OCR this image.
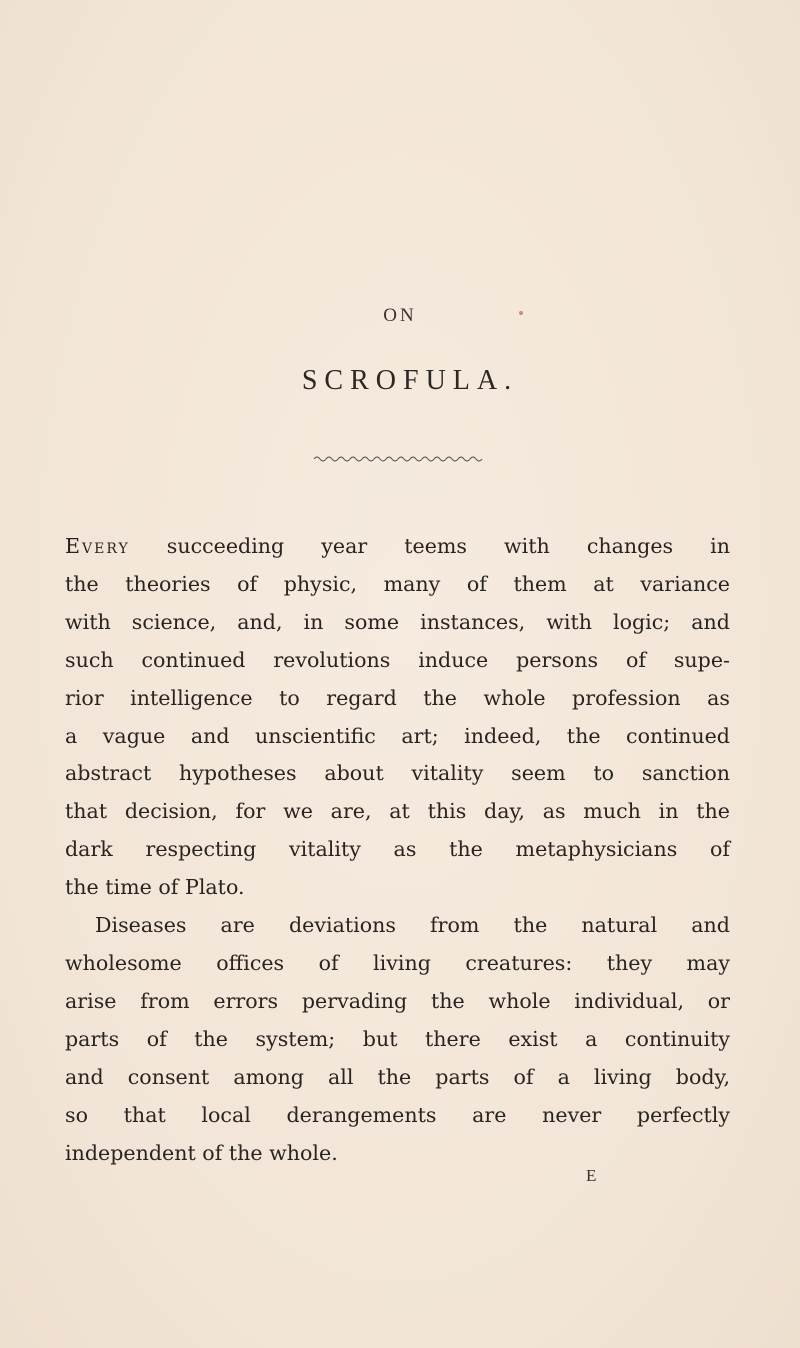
ON
SCROFULA.
Every succeeding year teems with changes in
the theories of physic, many of them at variance
with science, and, in some instances, with logic; and
such continued revolutions induce persons of supe-
rior intelligence to regard the whole profession as
a vague and unscientific art; indeed, the continued
abstract hypotheses about vitality seem to sanction
that decision, for we are, at this day, as much in the
dark respecting vitality as the metaphysicians of
the time of Plato.
Diseases are deviations from the natural and
wholesome offices of living creatures: they may
arise from errors pervading the whole individual, or
parts of the system; but there exist a continuity
and consent among all the parts of a living body,
so that local derangements are never perfectly
independent of the whole.
E
